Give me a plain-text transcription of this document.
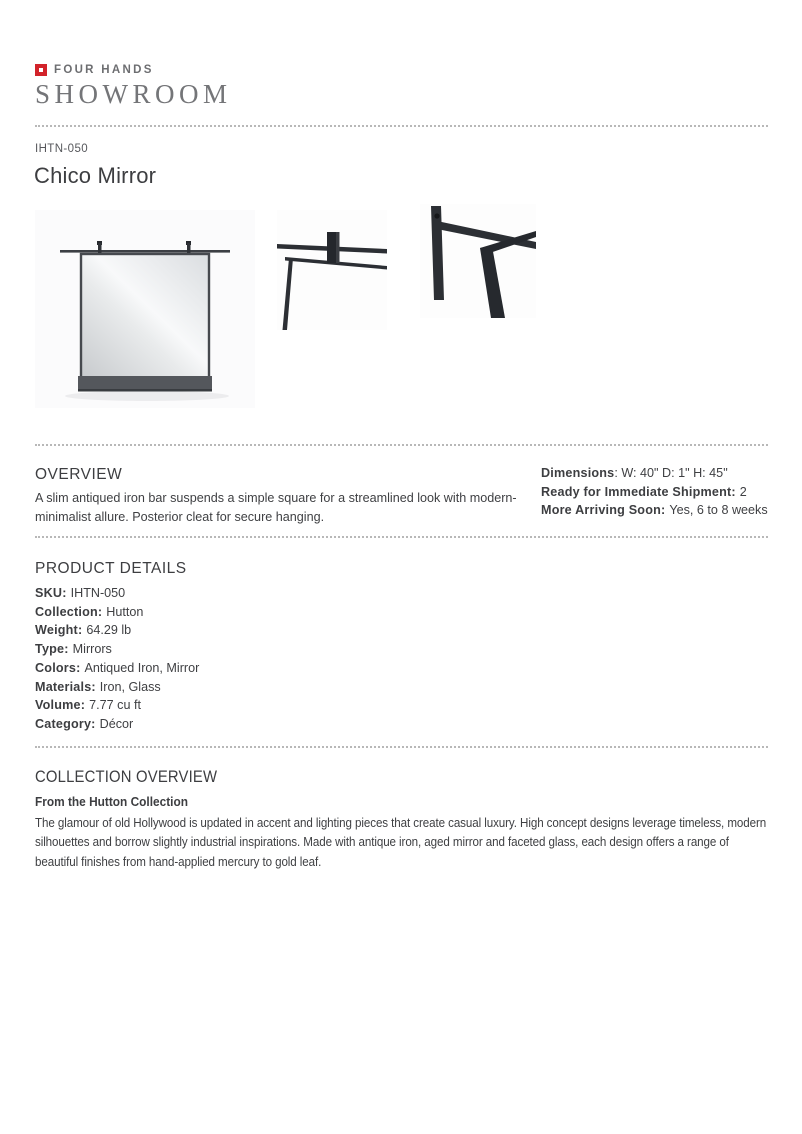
FOUR HANDS
SHOWROOM
IHTN-050
Chico Mirror
OVERVIEW
A slim antiqued iron bar suspends a simple square for a streamlined look with modern-minimalist allure. Posterior cleat for secure hanging.
Dimensions: W: 40" D: 1" H: 45"
Ready for Immediate Shipment: 2
More Arriving Soon: Yes, 6 to 8 weeks
PRODUCT DETAILS
SKU: IHTN-050
Collection: Hutton
Weight: 64.29 lb
Type: Mirrors
Colors: Antiqued Iron, Mirror
Materials: Iron, Glass
Volume: 7.77 cu ft
Category: Décor
COLLECTION OVERVIEW
From the Hutton Collection
The glamour of old Hollywood is updated in accent and lighting pieces that create casual luxury. High concept designs leverage timeless, modern silhouettes and borrow slightly industrial inspirations. Made with antique iron, aged mirror and faceted glass, each design offers a range of beautiful finishes from hand-applied mercury to gold leaf.
